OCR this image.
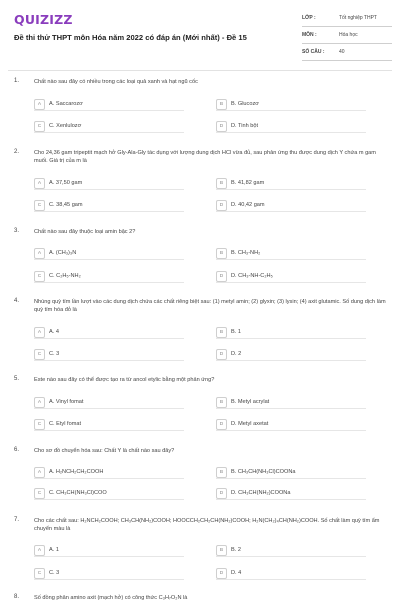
QUIZIZZ
Đề thi thử THPT môn Hóa năm 2022 có đáp án (Mới nhất) - Đề 15
LỚP :	Tốt nghiệp THPT
MÔN :	Hóa học
SỐ CÂU :	40
1.	Chất nào sau đây có nhiều trong các loại quả xanh và hạt ngũ cốc
A	A. Saccarozơ	B	B. Glucozơ
C	C. Xenlulozơ	D	D. Tinh bột
2.	Cho 24,36 gam tripeptit mạch hở Gly-Ala-Gly tác dụng với lượng dung dịch HCl vừa đủ, sau phản ứng thu được dung dịch Y chứa m gam muối. Giá trị của m là
A	A. 37,50 gam	B	B. 41,82 gam
C	C. 38,45 gam	D	D. 40,42 gam
3.	Chất nào sau đây thuộc loại amin bậc 2?
A	A. (CH₃)₃N	B	B. CH₃-NH₂
C	C. C₂H₅-NH₂	D	D. CH₃-NH-C₂H₅
4.	Nhúng quỳ tím lần lượt vào các dung dịch chứa các chất riêng biệt sau: (1) metyl amin; (2) glyxin; (3) lysin; (4) axit glutamic. Số dung dịch làm quỳ tím hóa đỏ là
A	A. 4	B	B. 1
C	C. 3	D	D. 2
5.	Este nào sau đây có thể được tạo ra từ ancol etylic bằng một phản ứng?
A	A. Vinyl fomat	B	B. Metyl acrylat
C	C. Etyl fomat	D	D. Metyl axetat
6.	Cho sơ đồ chuyển hóa sau: Chất Y là chất nào sau đây?
A	A. H₂NCH₂CH₂COOH	B	B. CH₃CH(NH₃Cl)COONa
C	C. CH₃CH(NH₃Cl)COO	D	D. CH₃CH(NH₂)COONa
7.	Cho các chất sau: H₂NCH₂COOH; CH₃CH(NH₂)COOH; HOOCCH₂CH₂CH(NH₂)COOH; H₂N(CH₂)₄CH(NH₂)COOH. Số chất làm quỳ tím ẩm chuyển màu là
A	A. 1	B	B. 2
C	C. 3	D	D. 4
8.	Số đồng phân amino axit (mạch hở) có công thức C₃H₇O₂N là
